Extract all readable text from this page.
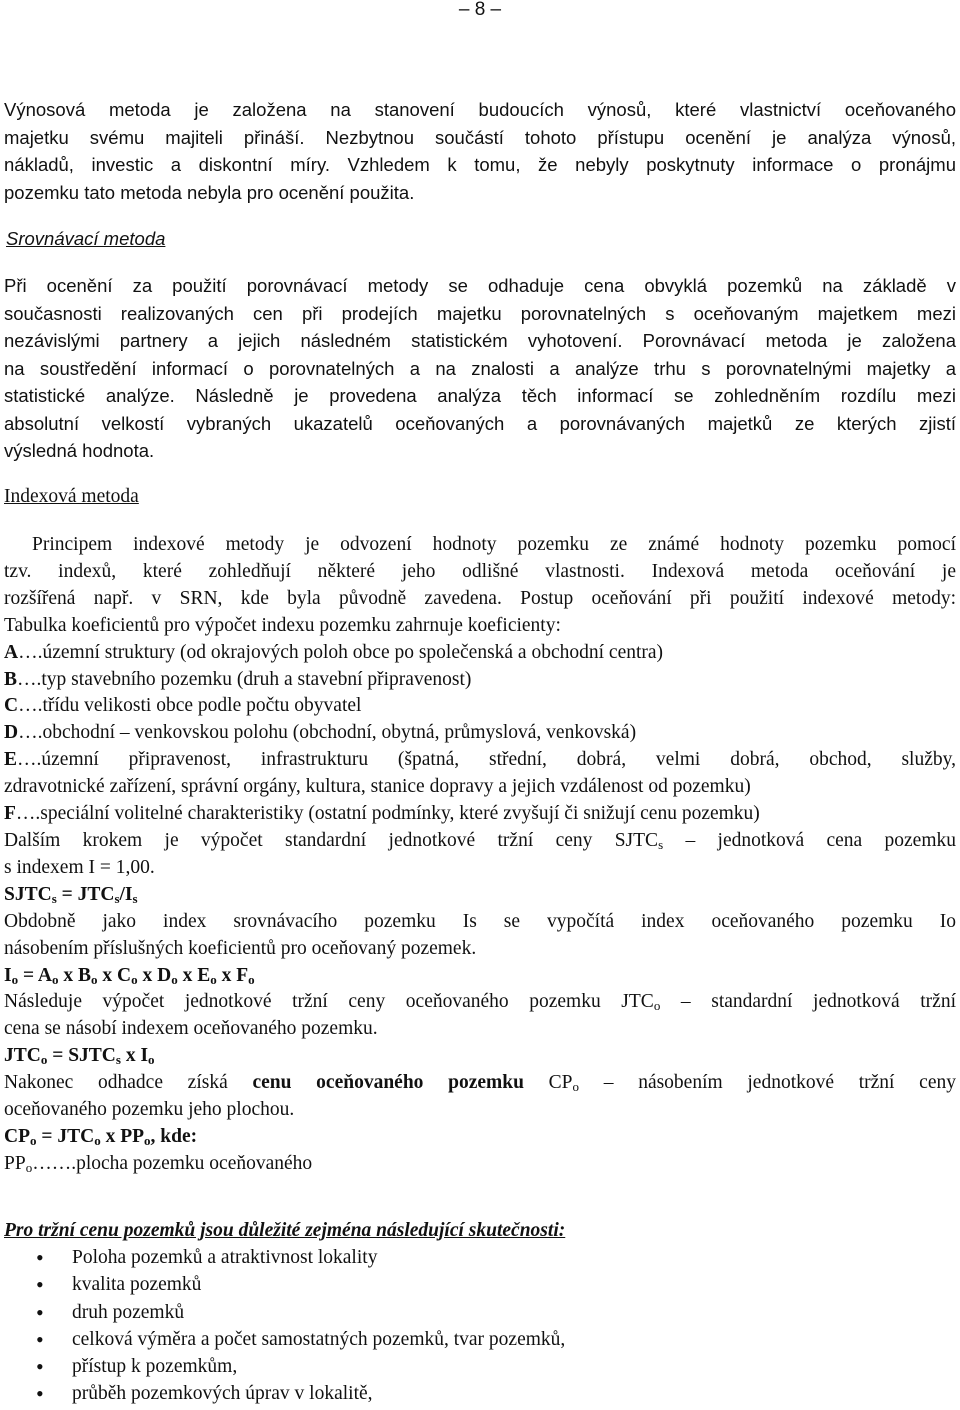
– 8 –
Výnosová metoda je založena na stanovení budoucích výnosů, které vlastnictví oceňovaného
majetku svému majiteli přináší. Nezbytnou součástí tohoto přístupu ocenění je analýza výnosů,
nákladů, investic a diskontní míry. Vzhledem k tomu, že nebyly poskytnuty informace o pronájmu
pozemku tato metoda nebyla pro ocenění použita.
Srovnávací metoda
Při ocenění za použití porovnávací metody se odhaduje cena obvyklá pozemků na základě v
současnosti realizovaných cen při prodejích majetku porovnatelných s oceňovaným majetkem mezi
nezávislými partnery a jejich následném statistickém vyhotovení. Porovnávací metoda je založena
na soustředění informací o porovnatelných a na znalosti a analýze trhu s porovnatelnými majetky a
statistické analýze. Následně je provedena analýza těch informací se zohledněním rozdílu mezi
absolutní velkostí vybraných ukazatelů oceňovaných a porovnávaných majetků ze kterých zjistí
výsledná hodnota.
Indexová metoda
Principem indexové metody je odvození hodnoty pozemku ze známé hodnoty pozemku pomocí
tzv. indexů, které zohledňují některé jeho odlišné vlastnosti. Indexová metoda oceňování je
rozšířená např. v SRN, kde byla původně zavedena. Postup oceňování při použití indexové metody:
Tabulka koeficientů pro výpočet indexu pozemku zahrnuje koeficienty:
A….územní struktury (od okrajových poloh obce po společenská a obchodní centra)
B….typ stavebního pozemku (druh a stavební připravenost)
C….třídu velikosti obce podle počtu obyvatel
D….obchodní – venkovskou polohu (obchodní, obytná, průmyslová, venkovská)
E….územní připravenost, infrastrukturu (špatná, střední, dobrá, velmi dobrá, obchod, služby,
zdravotnické zařízení, správní orgány, kultura, stanice dopravy a jejich vzdálenost od pozemku)
F….speciální volitelné charakteristiky (ostatní podmínky, které zvyšují či snižují cenu pozemku)
Dalším krokem je výpočet standardní jednotkové tržní ceny $SJTC_s$ – jednotková cena pozemku
s indexem I = 1,00.
$SJTC_s = JTC_s/I_s$
Obdobně jako index srovnávacího pozemku Is se vypočítá index oceňovaného pozemku Io
násobením příslušných koeficientů pro oceňovaný pozemek.
$I_o = A_o$ x $B_o$ x $C_o$ x $D_o$ x $E_o$ x $F_o$
Následuje výpočet jednotkové tržní ceny oceňovaného pozemku $JTC_o$ – standardní jednotková tržní
cena se násobí indexem oceňovaného pozemku.
$JTC_o$ = $SJTC_s$ x $I_o$
Nakonec odhadce získá cenu oceňovaného pozemku $CP_o$ – násobením jednotkové tržní ceny
oceňovaného pozemku jeho plochou.
$CP_o = JTC_o$ x $PP_o$, kde:
$PP_o\dots\dots.plocha$ pozemku oceňovaného
Pro tržní cenu pozemků jsou důležité zejména následující skutečnosti:
• Poloha pozemků a atraktivnost lokality
• kvalita pozemků
• druh pozemků
• celková výměra a počet samostatných pozemků, tvar pozemků,
• přístup k pozemkům,
• průběh pozemkových úprav v lokalitě,
